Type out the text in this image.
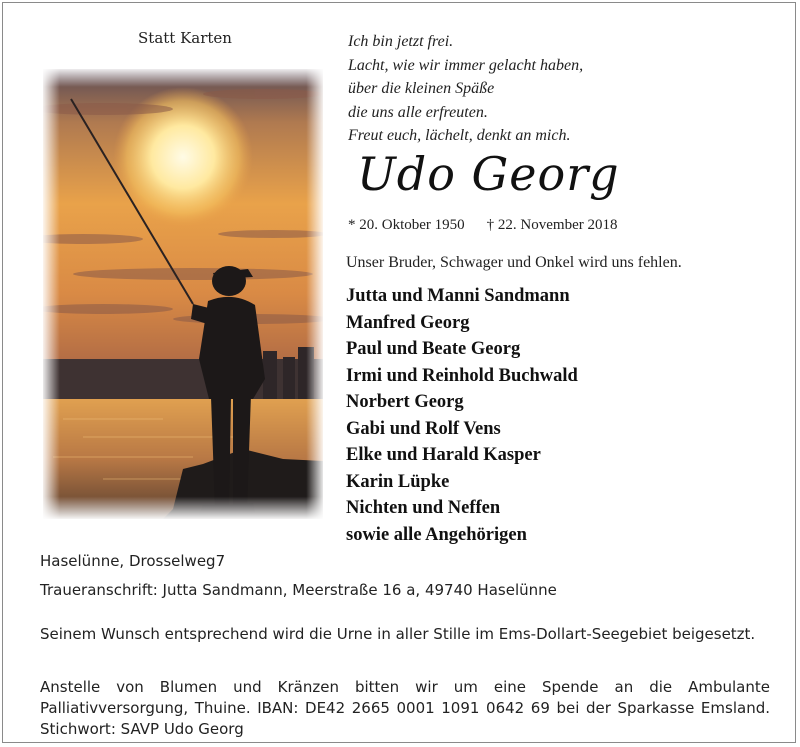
Statt Karten	Ich bin jetzt frei.
Lacht, wie wir immer gelacht haben,
über die kleinen Späße
die uns alle erfreuten.
Freut euch, lächelt, denkt an mich.
Udo Georg
* 20. Oktober 1950 † 22. November 2018
Unser Bruder, Schwager und Onkel wird uns fehlen.
Jutta und Manni Sandmann
Manfred Georg
Paul und Beate Georg
Irmi und Reinhold Buchwald
Norbert Georg
Gabi und Rolf Vens
Elke und Harald Kasper
Karin Lüpke
Nichten und Neffen
sowie alle Angehörigen
Haselünne, Drosselweg7
Traueranschrift: Jutta Sandmann, Meerstraße 16 a, 49740 Haselünne

Seinem Wunsch entsprechend wird die Urne in aller Stille im Ems-Dollart-Seegebiet beigesetzt.

Anstelle von Blumen und Kränzen bitten wir um eine Spende an die Ambulante Palliativversorgung, Thuine. IBAN: DE42 2665 0001 1091 0642 69 bei der Sparkasse Emsland. Stichwort: SAVP Udo Georg
